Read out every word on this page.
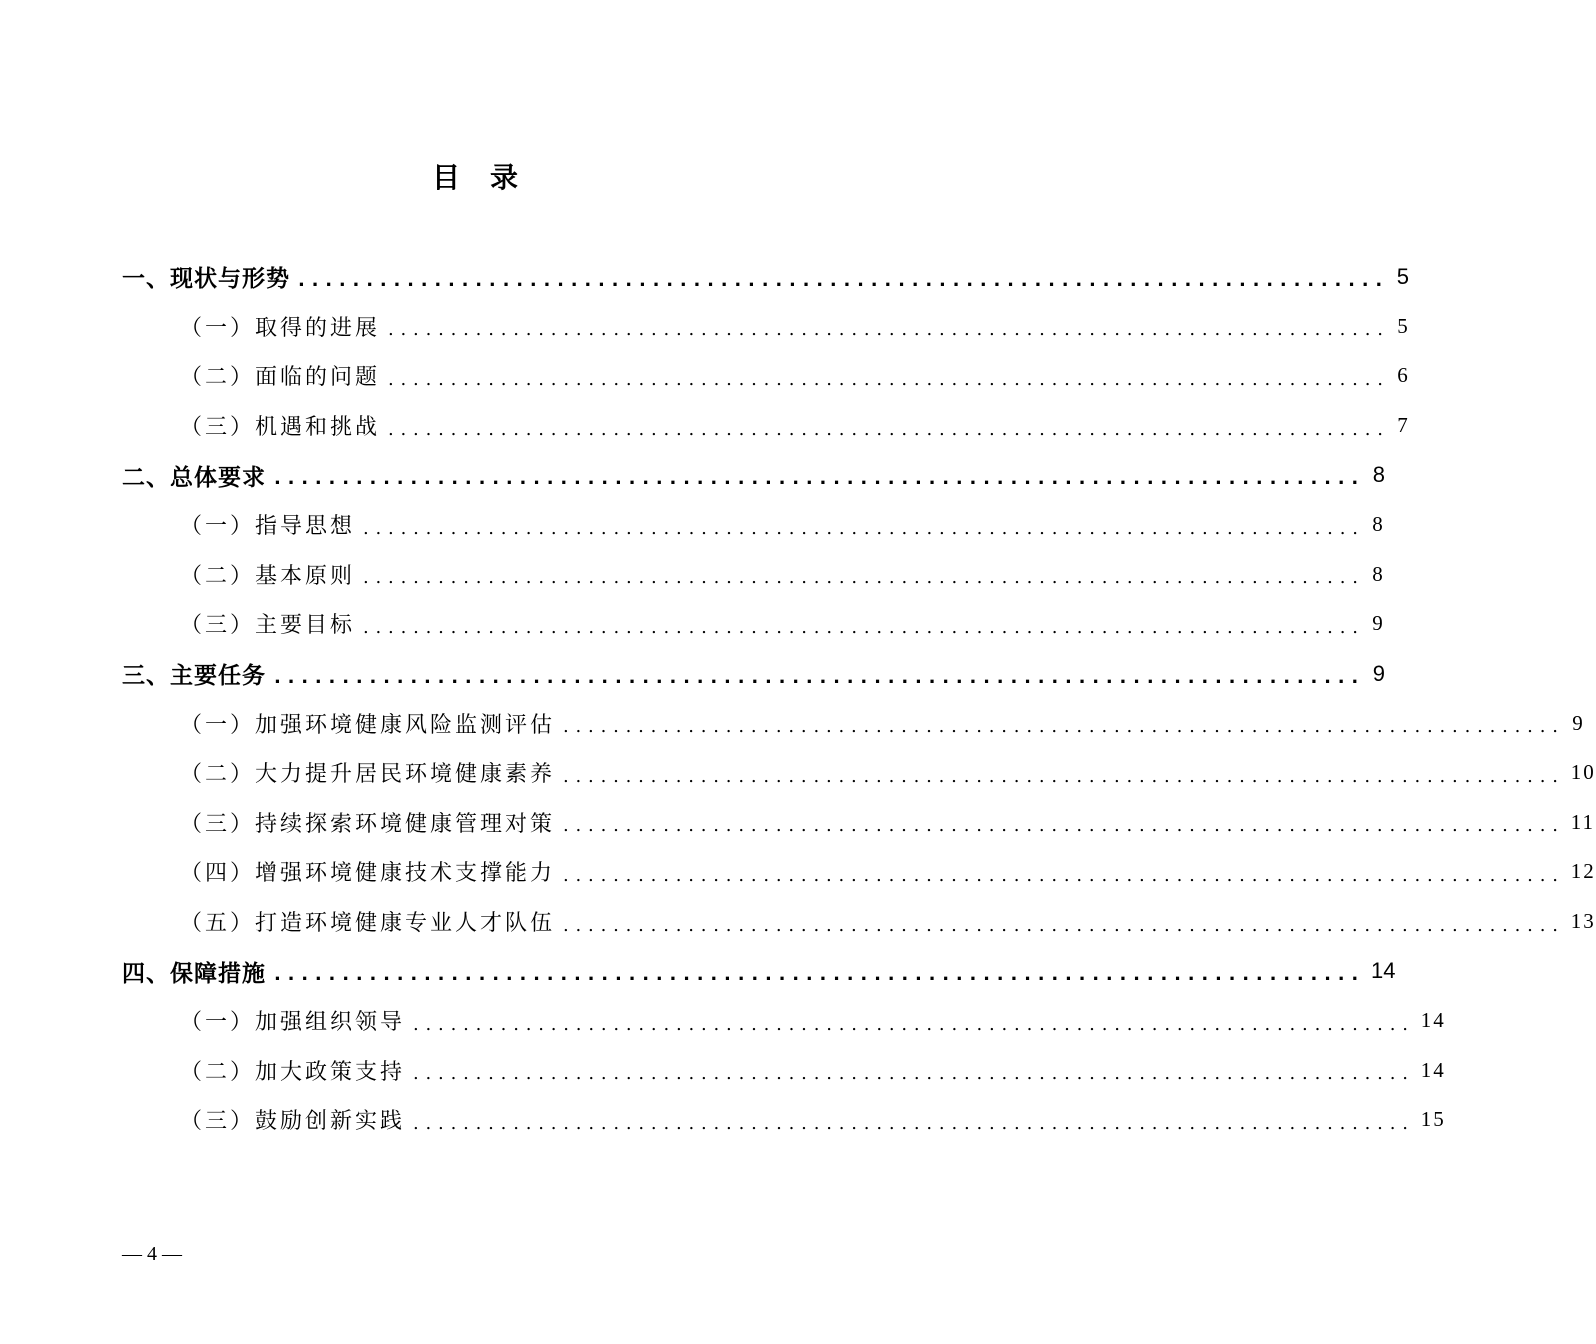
目 录
一、现状与形势 ................................................................................ 5
（一）取得的进展 ................................................................................ 5
（二）面临的问题 ................................................................................ 6
（三）机遇和挑战 ................................................................................ 7
二、总体要求 ................................................................................ 8
（一）指导思想 ................................................................................ 8
（二）基本原则 ................................................................................ 8
（三）主要目标 ................................................................................ 9
三、主要任务 ................................................................................ 9
（一）加强环境健康风险监测评估 ................................................................................ 9
（二）大力提升居民环境健康素养 ................................................................................ 10
（三）持续探索环境健康管理对策 ................................................................................ 11
（四）增强环境健康技术支撑能力 ................................................................................ 12
（五）打造环境健康专业人才队伍 ................................................................................ 13
四、保障措施 ................................................................................ 14
（一）加强组织领导 ................................................................................ 14
（二）加大政策支持 ................................................................................ 14
（三）鼓励创新实践 ................................................................................ 15
— 4 —
